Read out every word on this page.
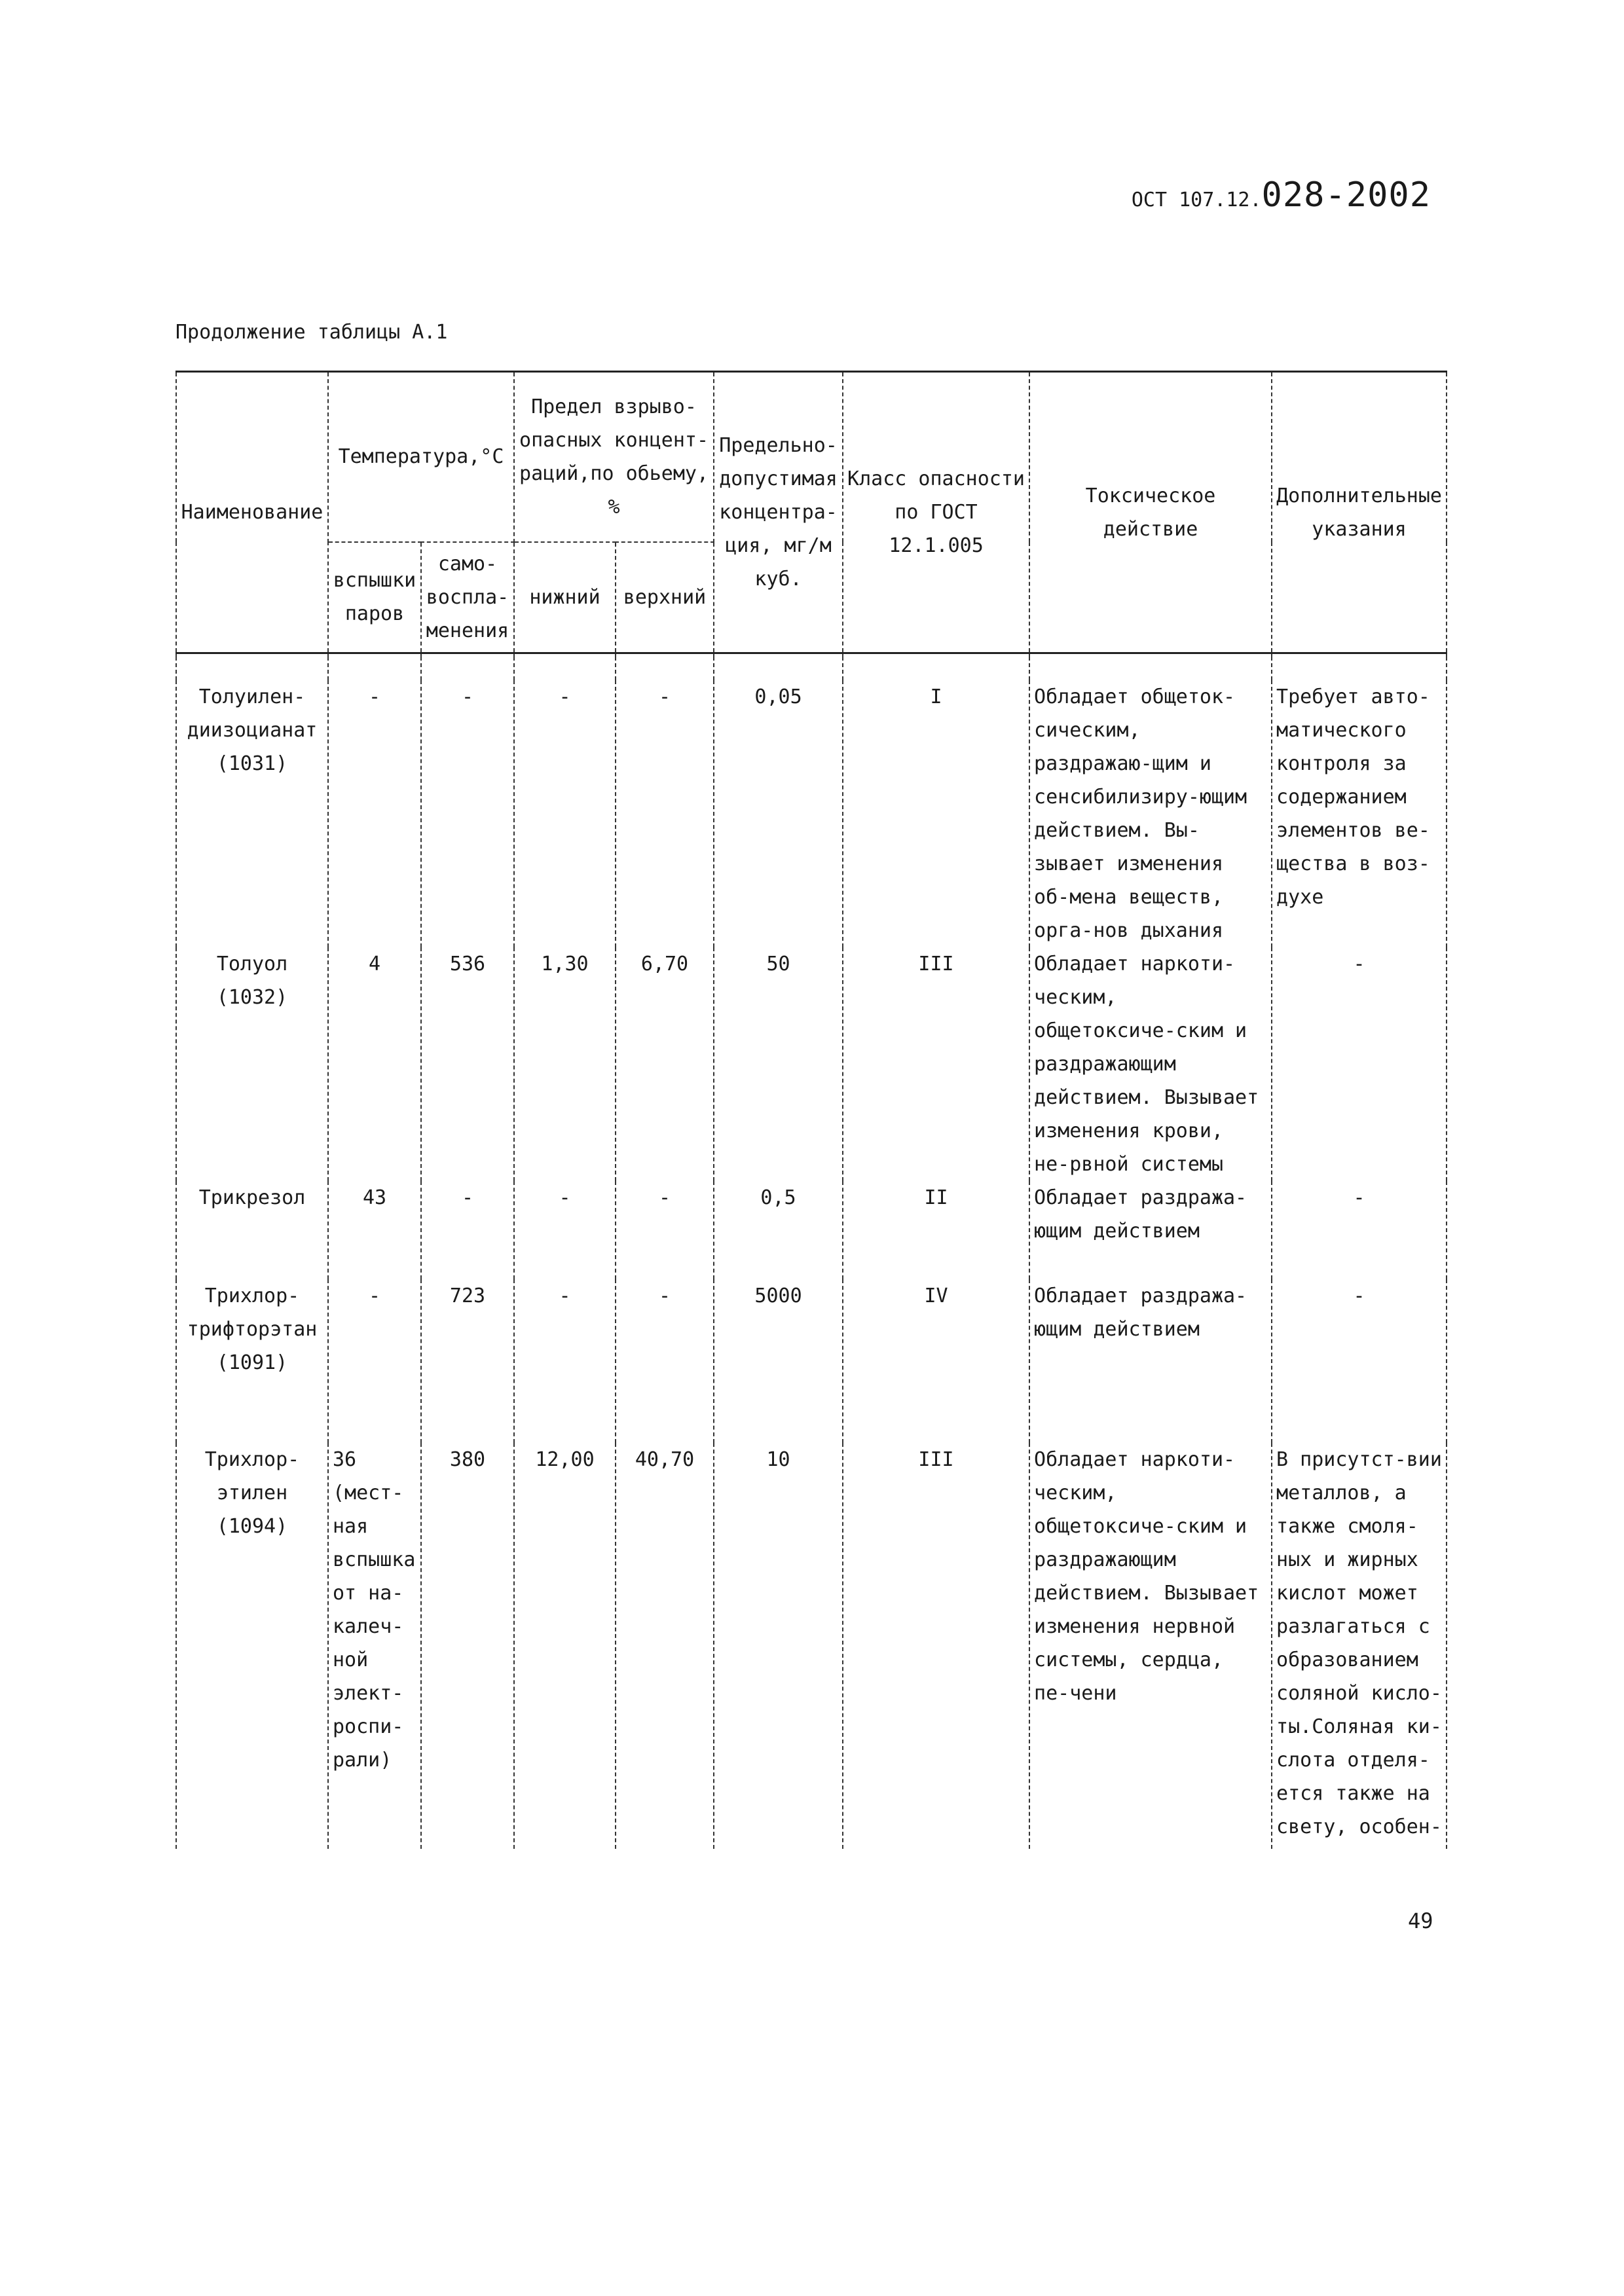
ОСТ 107.12.028-2002
Продолжение таблицы А.1
Наименование	Температура,°С		Предел взрыво-опасных концент-раций,по обьему, %		Предельно-допустимая концентра-ция, мг/м куб.	Класс опасности по ГОСТ 12.1.005	Токсическое действие	Дополнительные указания
	вспышки паров	само-воспла-менения	нижний	верхний				

Толуилен-диизоцианат (1031)	-	-	-	-	0,05	I	Обладает общеток-сическим, раздражаю-щим и сенсибилизиру-ющим действием. Вы-зывает изменения об-мена веществ, орга-нов дыхания	Требует авто-матического контроля за содержанием элементов ве-щества в воз-духе
Толуол (1032)	4	536	1,30	6,70	50	III	Обладает наркоти-ческим, общетоксиче-ским и раздражающим действием. Вызывает изменения крови, не-рвной системы	-
Трикрезол	43	-	-	-	0,5	II	Обладает раздража-ющим действием	-
Трихлор-трифторэтан (1091)	-	723	-	-	5000	IV	Обладает раздража-ющим действием	-
Трихлор-этилен (1094)	36 (мест-ная вспышка от на-калеч-ной элект-роспи-рали)	380	12,00	40,70	10	III	Обладает наркоти-ческим, общетоксиче-ским и раздражающим действием. Вызывает изменения нервной системы, сердца, пе-чени	В присутст-вии металлов, а также смоля-ных и жирных кислот может разлагаться с образованием соляной кисло-ты.Соляная ки-слота отделя-ется также на свету, особен-
49
